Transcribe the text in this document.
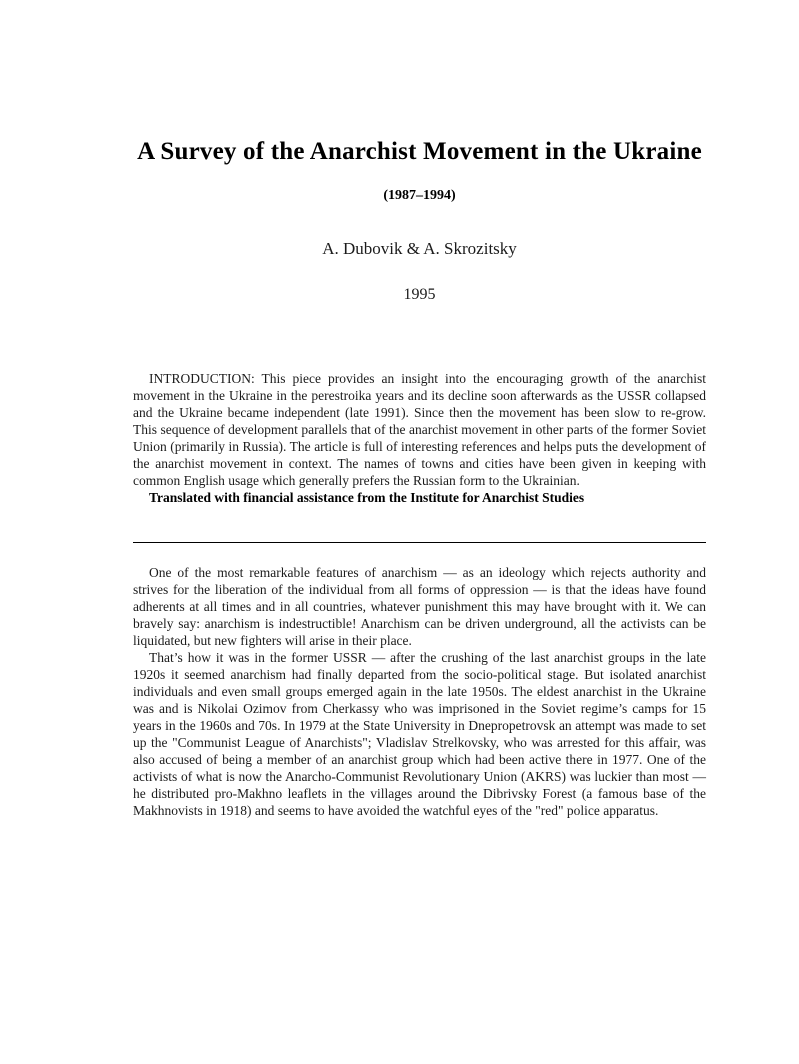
A Survey of the Anarchist Movement in the Ukraine
(1987–1994)
A. Dubovik & A. Skrozitsky
1995

INTRODUCTION: This piece provides an insight into the encouraging growth of the anarchist movement in the Ukraine in the perestroika years and its decline soon afterwards as the USSR collapsed and the Ukraine became independent (late 1991). Since then the movement has been slow to re-grow. This sequence of development parallels that of the anarchist movement in other parts of the former Soviet Union (primarily in Russia). The article is full of interesting references and helps puts the development of the anarchist movement in context. The names of towns and cities have been given in keeping with common English usage which generally prefers the Russian form to the Ukrainian.

Translated with financial assistance from the Institute for Anarchist Studies

One of the most remarkable features of anarchism — as an ideology which rejects authority and strives for the liberation of the individual from all forms of oppression — is that the ideas have found adherents at all times and in all countries, whatever punishment this may have brought with it. We can bravely say: anarchism is indestructible! Anarchism can be driven underground, all the activists can be liquidated, but new fighters will arise in their place.

That’s how it was in the former USSR — after the crushing of the last anarchist groups in the late 1920s it seemed anarchism had finally departed from the socio-political stage. But isolated anarchist individuals and even small groups emerged again in the late 1950s. The eldest anarchist in the Ukraine was and is Nikolai Ozimov from Cherkassy who was imprisoned in the Soviet regime’s camps for 15 years in the 1960s and 70s. In 1979 at the State University in Dnepropetrovsk an attempt was made to set up the "Communist League of Anarchists"; Vladislav Strelkovsky, who was arrested for this affair, was also accused of being a member of an anarchist group which had been active there in 1977. One of the activists of what is now the Anarcho-Communist Revolutionary Union (AKRS) was luckier than most — he distributed pro-Makhno leaflets in the villages around the Dibrivsky Forest (a famous base of the Makhnovists in 1918) and seems to have avoided the watchful eyes of the "red" police apparatus.
